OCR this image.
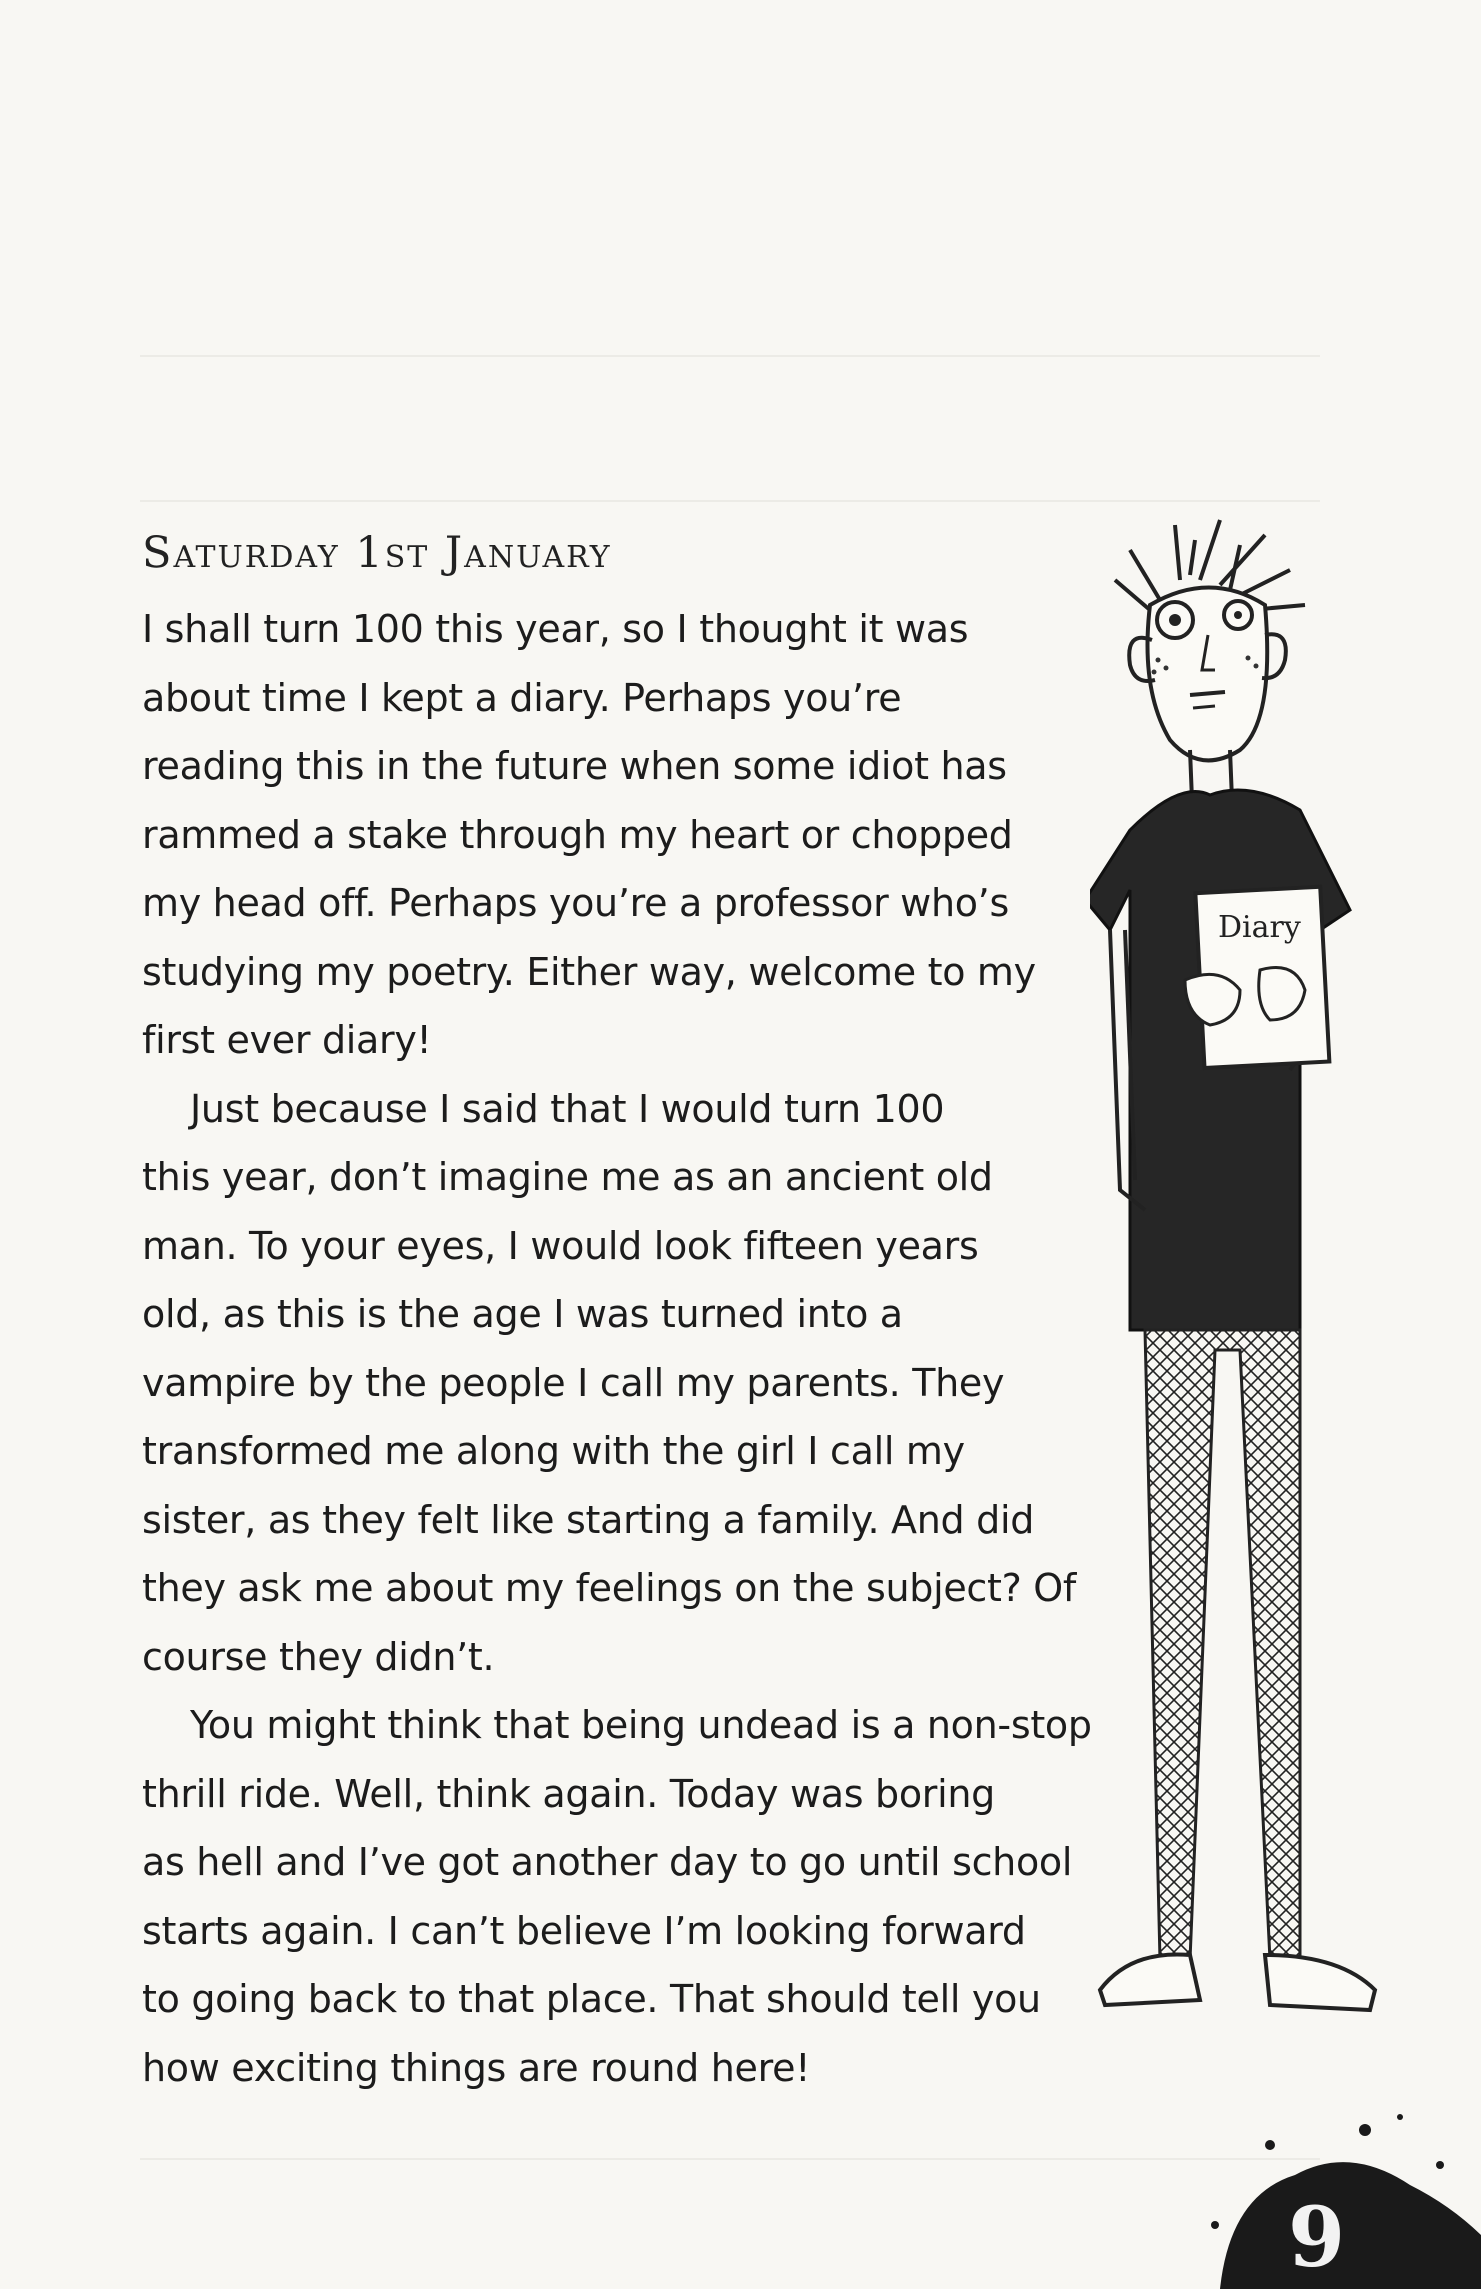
Saturday 1st January
I shall turn 100 this year, so I thought it was
about time I kept a diary. Perhaps you’re
reading this in the future when some idiot has
rammed a stake through my heart or chopped
my head off. Perhaps you’re a professor who’s
studying my poetry. Either way, welcome to my
first ever diary!
Just because I said that I would turn 100
this year, don’t imagine me as an ancient old
man. To your eyes, I would look fifteen years
old, as this is the age I was turned into a
vampire by the people I call my parents. They
transformed me along with the girl I call my
sister, as they felt like starting a family. And did
they ask me about my feelings on the subject? Of
course they didn’t.
You might think that being undead is a non-stop
thrill ride. Well, think again. Today was boring
as hell and I’ve got another day to go until school
starts again. I can’t believe I’m looking forward
to going back to that place. That should tell you
how exciting things are round here!
Diary
9
